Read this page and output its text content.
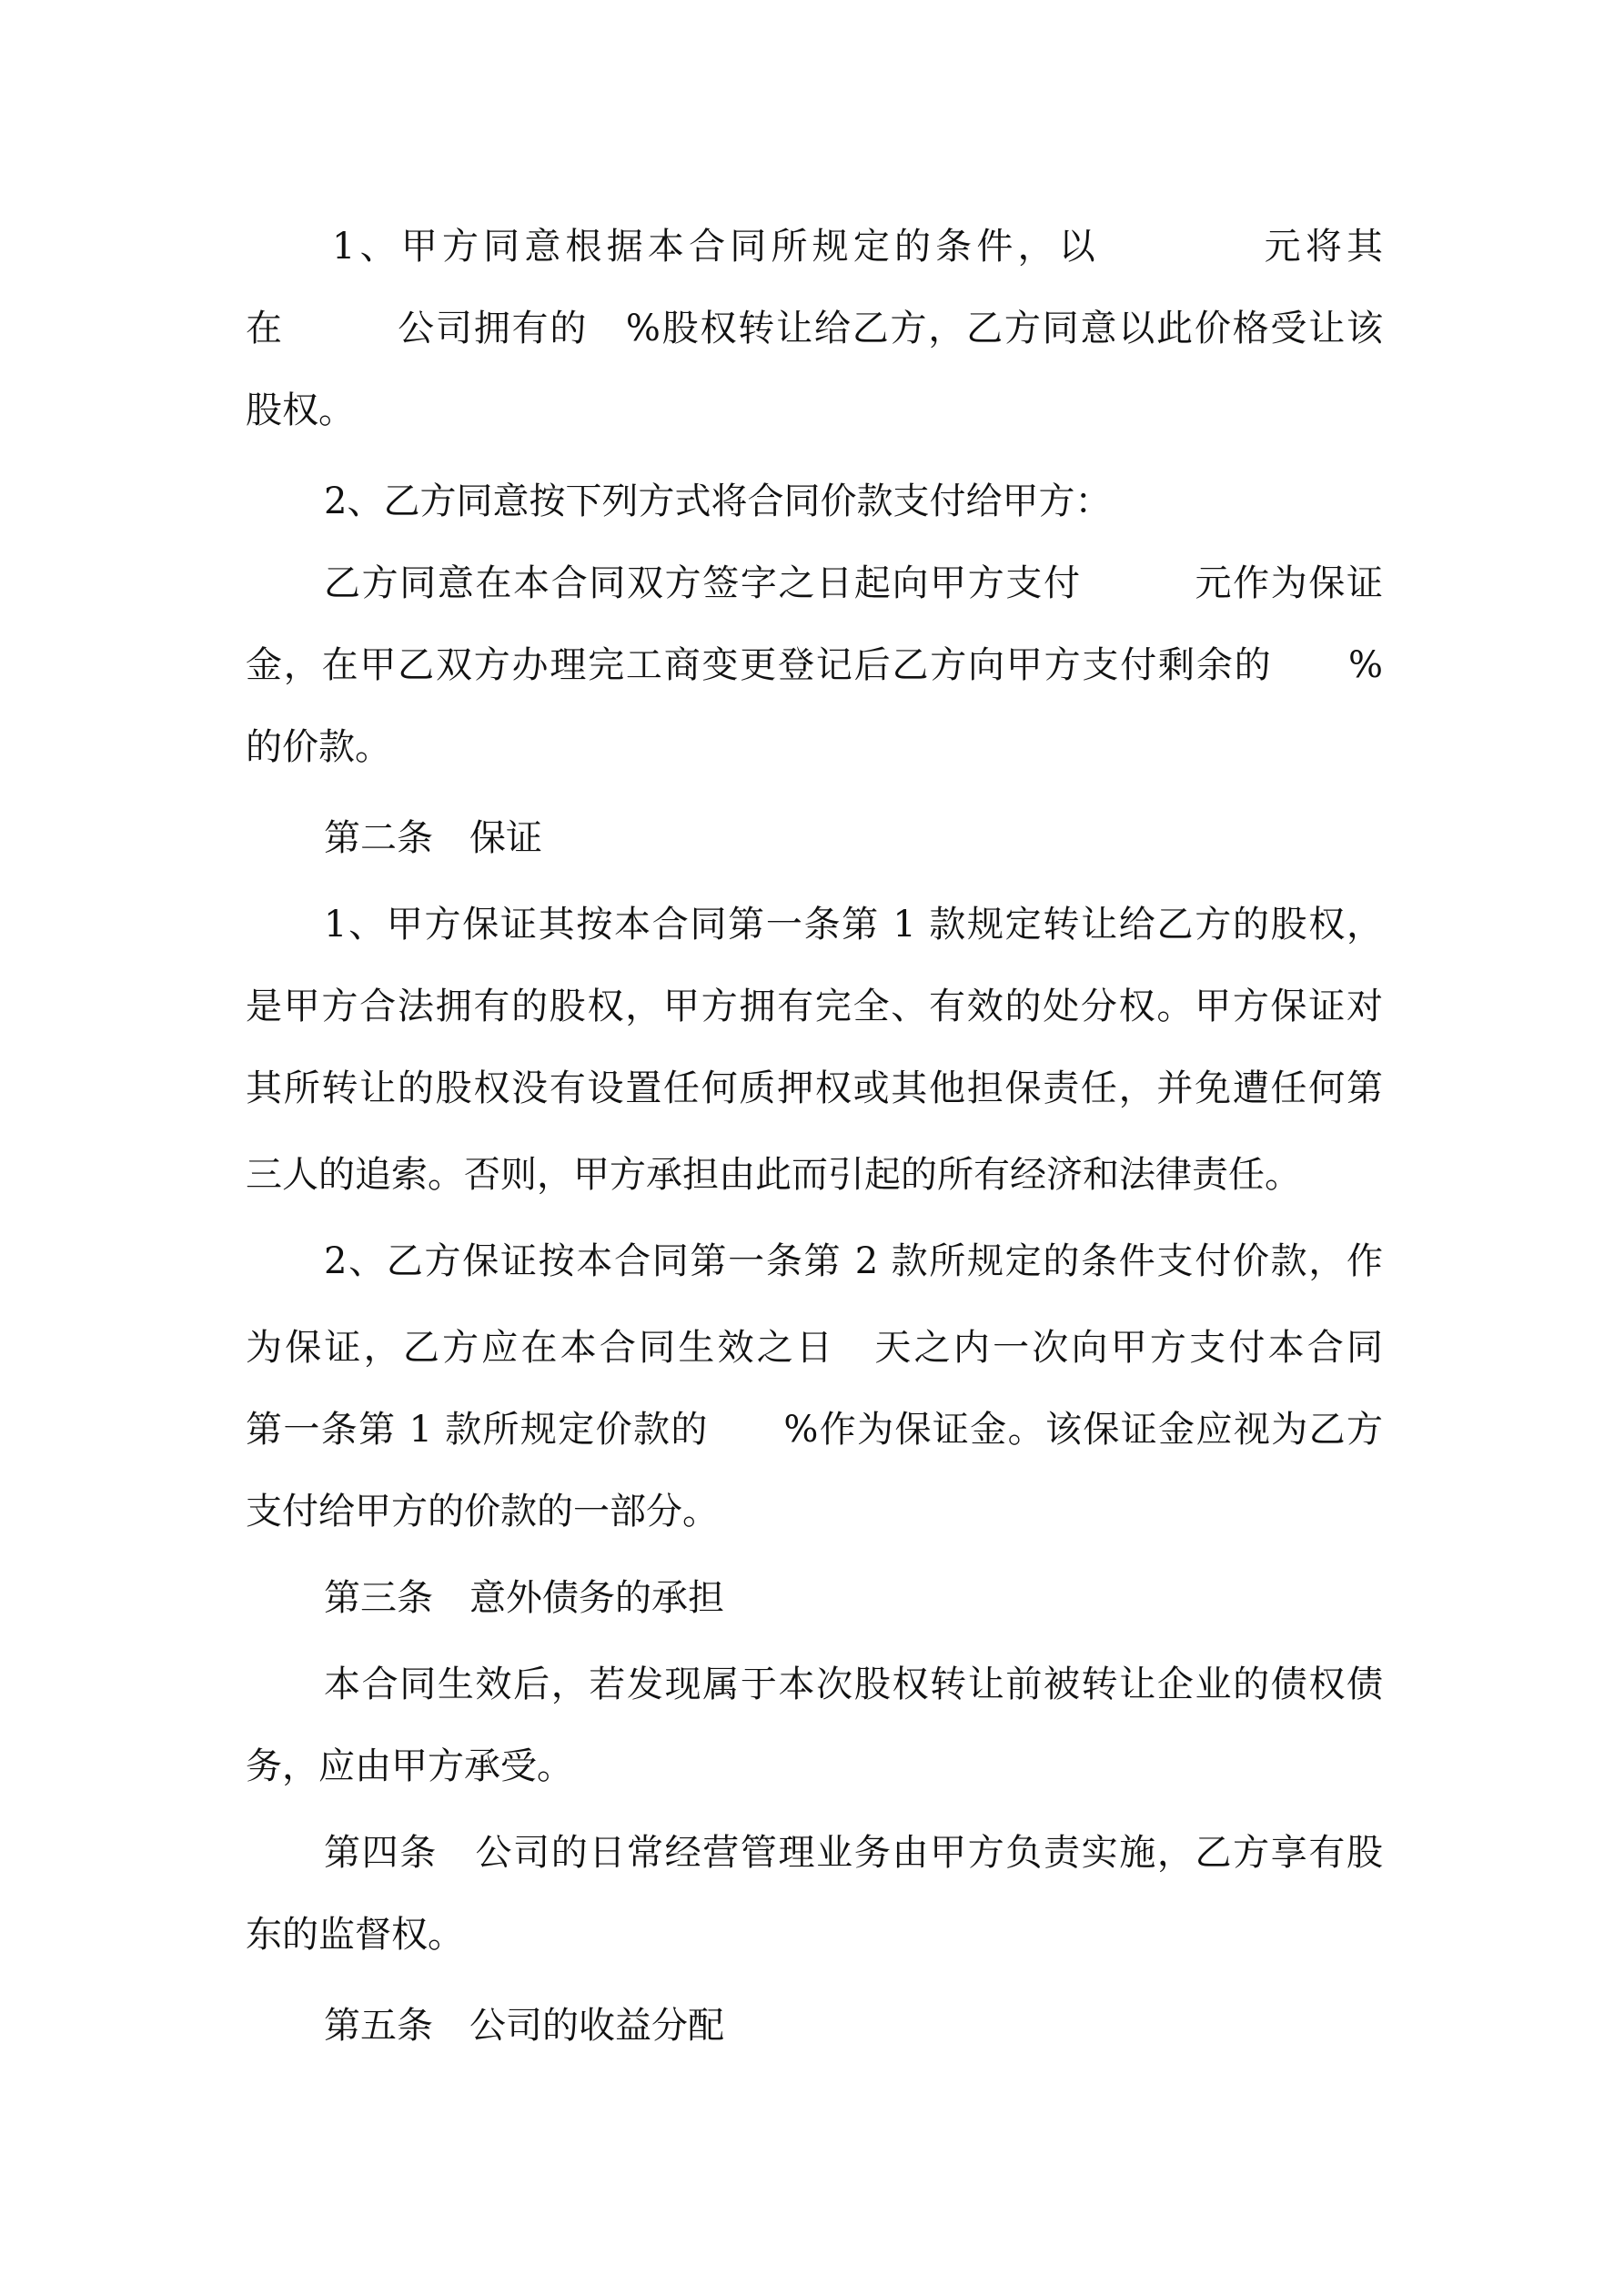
1、甲方同意根据本合同所规定的条件，以　　　　元将其
在　　　公司拥有的　%股权转让给乙方，乙方同意以此价格受让该
股权。
2、乙方同意按下列方式将合同价款支付给甲方：
乙方同意在本合同双方签字之日起向甲方支付　　　元作为保证
金，在甲乙双方办理完工商变更登记后乙方向甲方支付剩余的　　%
的价款。
第二条　保证
1、甲方保证其按本合同第一条第 1 款规定转让给乙方的股权，
是甲方合法拥有的股权，甲方拥有完全、有效的处分权。甲方保证对
其所转让的股权没有设置任何质押权或其他担保责任，并免遭任何第
三人的追索。否则，甲方承担由此而引起的所有经济和法律责任。
2、乙方保证按本合同第一条第 2 款所规定的条件支付价款，作
为保证，乙方应在本合同生效之日　天之内一次向甲方支付本合同
第一条第 1 款所规定价款的　　%作为保证金。该保证金应视为乙方
支付给甲方的价款的一部分。
第三条　意外债务的承担
本合同生效后，若发现属于本次股权转让前被转让企业的债权债
务，应由甲方承受。
第四条　公司的日常经营管理业务由甲方负责实施，乙方享有股
东的监督权。
第五条　公司的收益分配
